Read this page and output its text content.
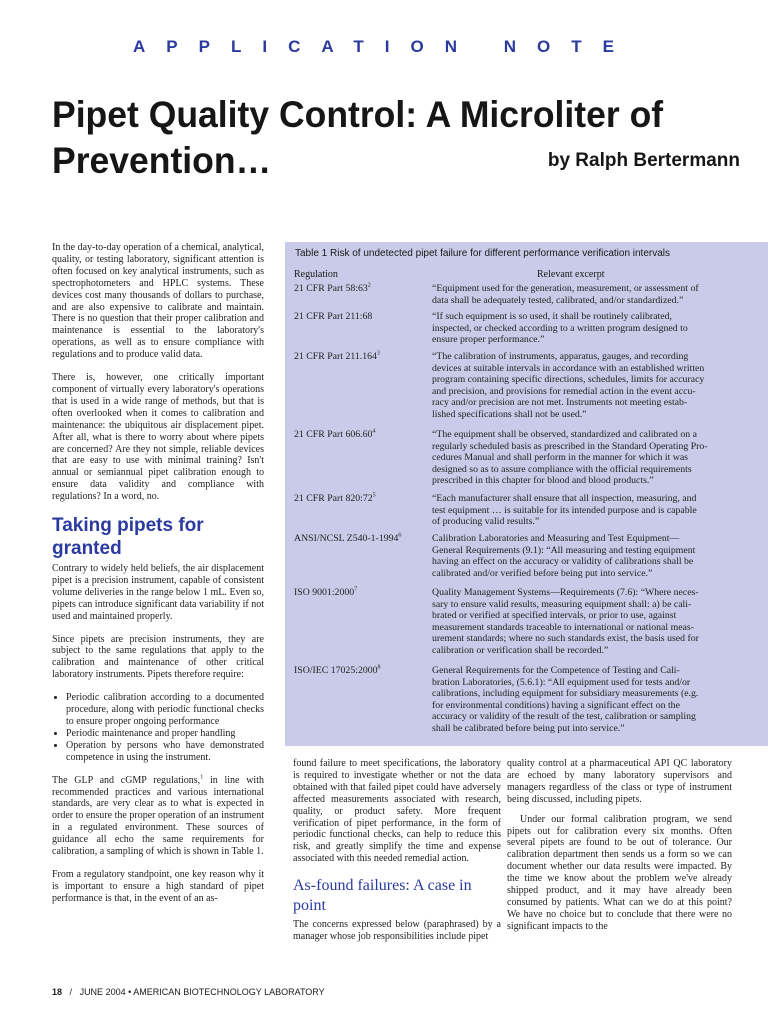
APPLICATION NOTE
Pipet Quality Control: A Microliter of Prevention…	by Ralph Bertermann

In the day-to-day operation of a chemical, analytical, quality, or testing laboratory, significant attention is often focused on key analytical instruments, such as spectrophotometers and HPLC systems. These devices cost many thousands of dollars to purchase, and are also expensive to calibrate and maintain. There is no question that their proper calibration and maintenance is essential to the laboratory's operations, as well as to ensure compliance with regulations and to produce valid data.

There is, however, one critically important component of virtually every laboratory's operations that is used in a wide range of methods, but that is often overlooked when it comes to calibration and maintenance: the ubiquitous air displacement pipet. After all, what is there to worry about where pipets are concerned? Are they not simple, reliable devices that are easy to use with minimal training? Isn't annual or semiannual pipet calibration enough to ensure data validity and compliance with regulations? In a word, no.

Taking pipets for granted

Contrary to widely held beliefs, the air displacement pipet is a precision instrument, capable of consistent volume deliveries in the range below 1 mL. Even so, pipets can introduce significant data variability if not used and maintained properly.

Since pipets are precision instruments, they are subject to the same regulations that apply to the calibration and maintenance of other critical laboratory instruments. Pipets therefore require:

• Periodic calibration according to a documented procedure, along with periodic functional checks to ensure proper ongoing performance
• Periodic maintenance and proper handling
• Operation by persons who have demonstrated competence in using the instrument.

The GLP and cGMP regulations,$^1$ in line with recommended practices and various international standards, are very clear as to what is expected in order to ensure the proper operation of an instrument in a regulated environment. These sources of guidance all echo the same requirements for calibration, a sampling of which is shown in Table 1.

From a regulatory standpoint, one key reason why it is important to ensure a high standard of pipet performance is that, in the event of an as-

Table 1 Risk of undetected pipet failure for different performance verification intervals
Regulation	Relevant excerpt
21 CFR Part $58:63^2$	“Equipment used for the generation, measurement, or assessment of
data shall be adequately tested, calibrated, and/or standardized.”
21 CFR Part 211:68	“If such equipment is so used, it shall be routinely calibrated,
inspected, or checked according to a written program designed to
ensure proper performance.”
21 CFR Part 211.164$^3$	“The calibration of instruments, apparatus, gauges, and recording
devices at suitable intervals in accordance with an established written
program containing specific directions, schedules, limits for accuracy
and precision, and provisions for remedial action in the event accu-
racy and/or precision are not met. Instruments not meeting estab-
lished specifications shall not be used.”
21 CFR Part 606.60$^4$	“The equipment shall be observed, standardized and calibrated on a
regularly scheduled basis as prescribed in the Standard Operating Pro-
cedures Manual and shall perform in the manner for which it was
designed so as to assure compliance with the official requirements
prescribed in this chapter for blood and blood products.”
21 CFR Part $820:72^5$	“Each manufacturer shall ensure that all inspection, measuring, and
test equipment … is suitable for its intended purpose and is capable
of producing valid results.”
ANSI/NCSL Z540-1-1994$^6$	Calibration Laboratories and Measuring and Test Equipment—
General Requirements (9.1): “All measuring and testing equipment
having an effect on the accuracy or validity of calibrations shall be
calibrated and/or verified before being put into service.”
ISO 9001:2000$^7$	Quality Management Systems—Requirements (7.6): “Where neces-
sary to ensure valid results, measuring equipment shall: a) be cali-
brated or verified at specified intervals, or prior to use, against
measurement standards traceable to international or national meas-
urement standards; where no such standards exist, the basis used for
calibration or verification shall be recorded.”
ISO/IEC 17025:2000$^8$	General Requirements for the Competence of Testing and Cali-
bration Laboratories, (5.6.1): “All equipment used for tests and/or
calibrations, including equipment for subsidiary measurements (e.g.
for environmental conditions) having a significant effect on the
accuracy or validity of the result of the test, calibration or sampling
shall be calibrated before being put into service.”

found failure to meet specifications, the laboratory is required to investigate whether or not the data obtained with that failed pipet could have adversely affected measurements associated with research, quality, or product safety. More frequent verification of pipet performance, in the form of periodic functional checks, can help to reduce this risk, and greatly simplify the time and expense associated with this needed remedial action.

As-found failures: A case in point

The concerns expressed below (paraphrased) by a manager whose job responsibilities include pipet

quality control at a pharmaceutical API QC laboratory are echoed by many laboratory supervisors and managers regardless of the class or type of instrument being discussed, including pipets.

Under our formal calibration program, we send pipets out for calibration every six months. Often several pipets are found to be out of tolerance. Our calibration department then sends us a form so we can document whether our data results were impacted. By the time we know about the problem we've already shipped product, and it may have already been consumed by patients. What can we do at this point? We have no choice but to conclude that there were no significant impacts to the

18 / JUNE 2004 • AMERICAN BIOTECHNOLOGY LABORATORY
